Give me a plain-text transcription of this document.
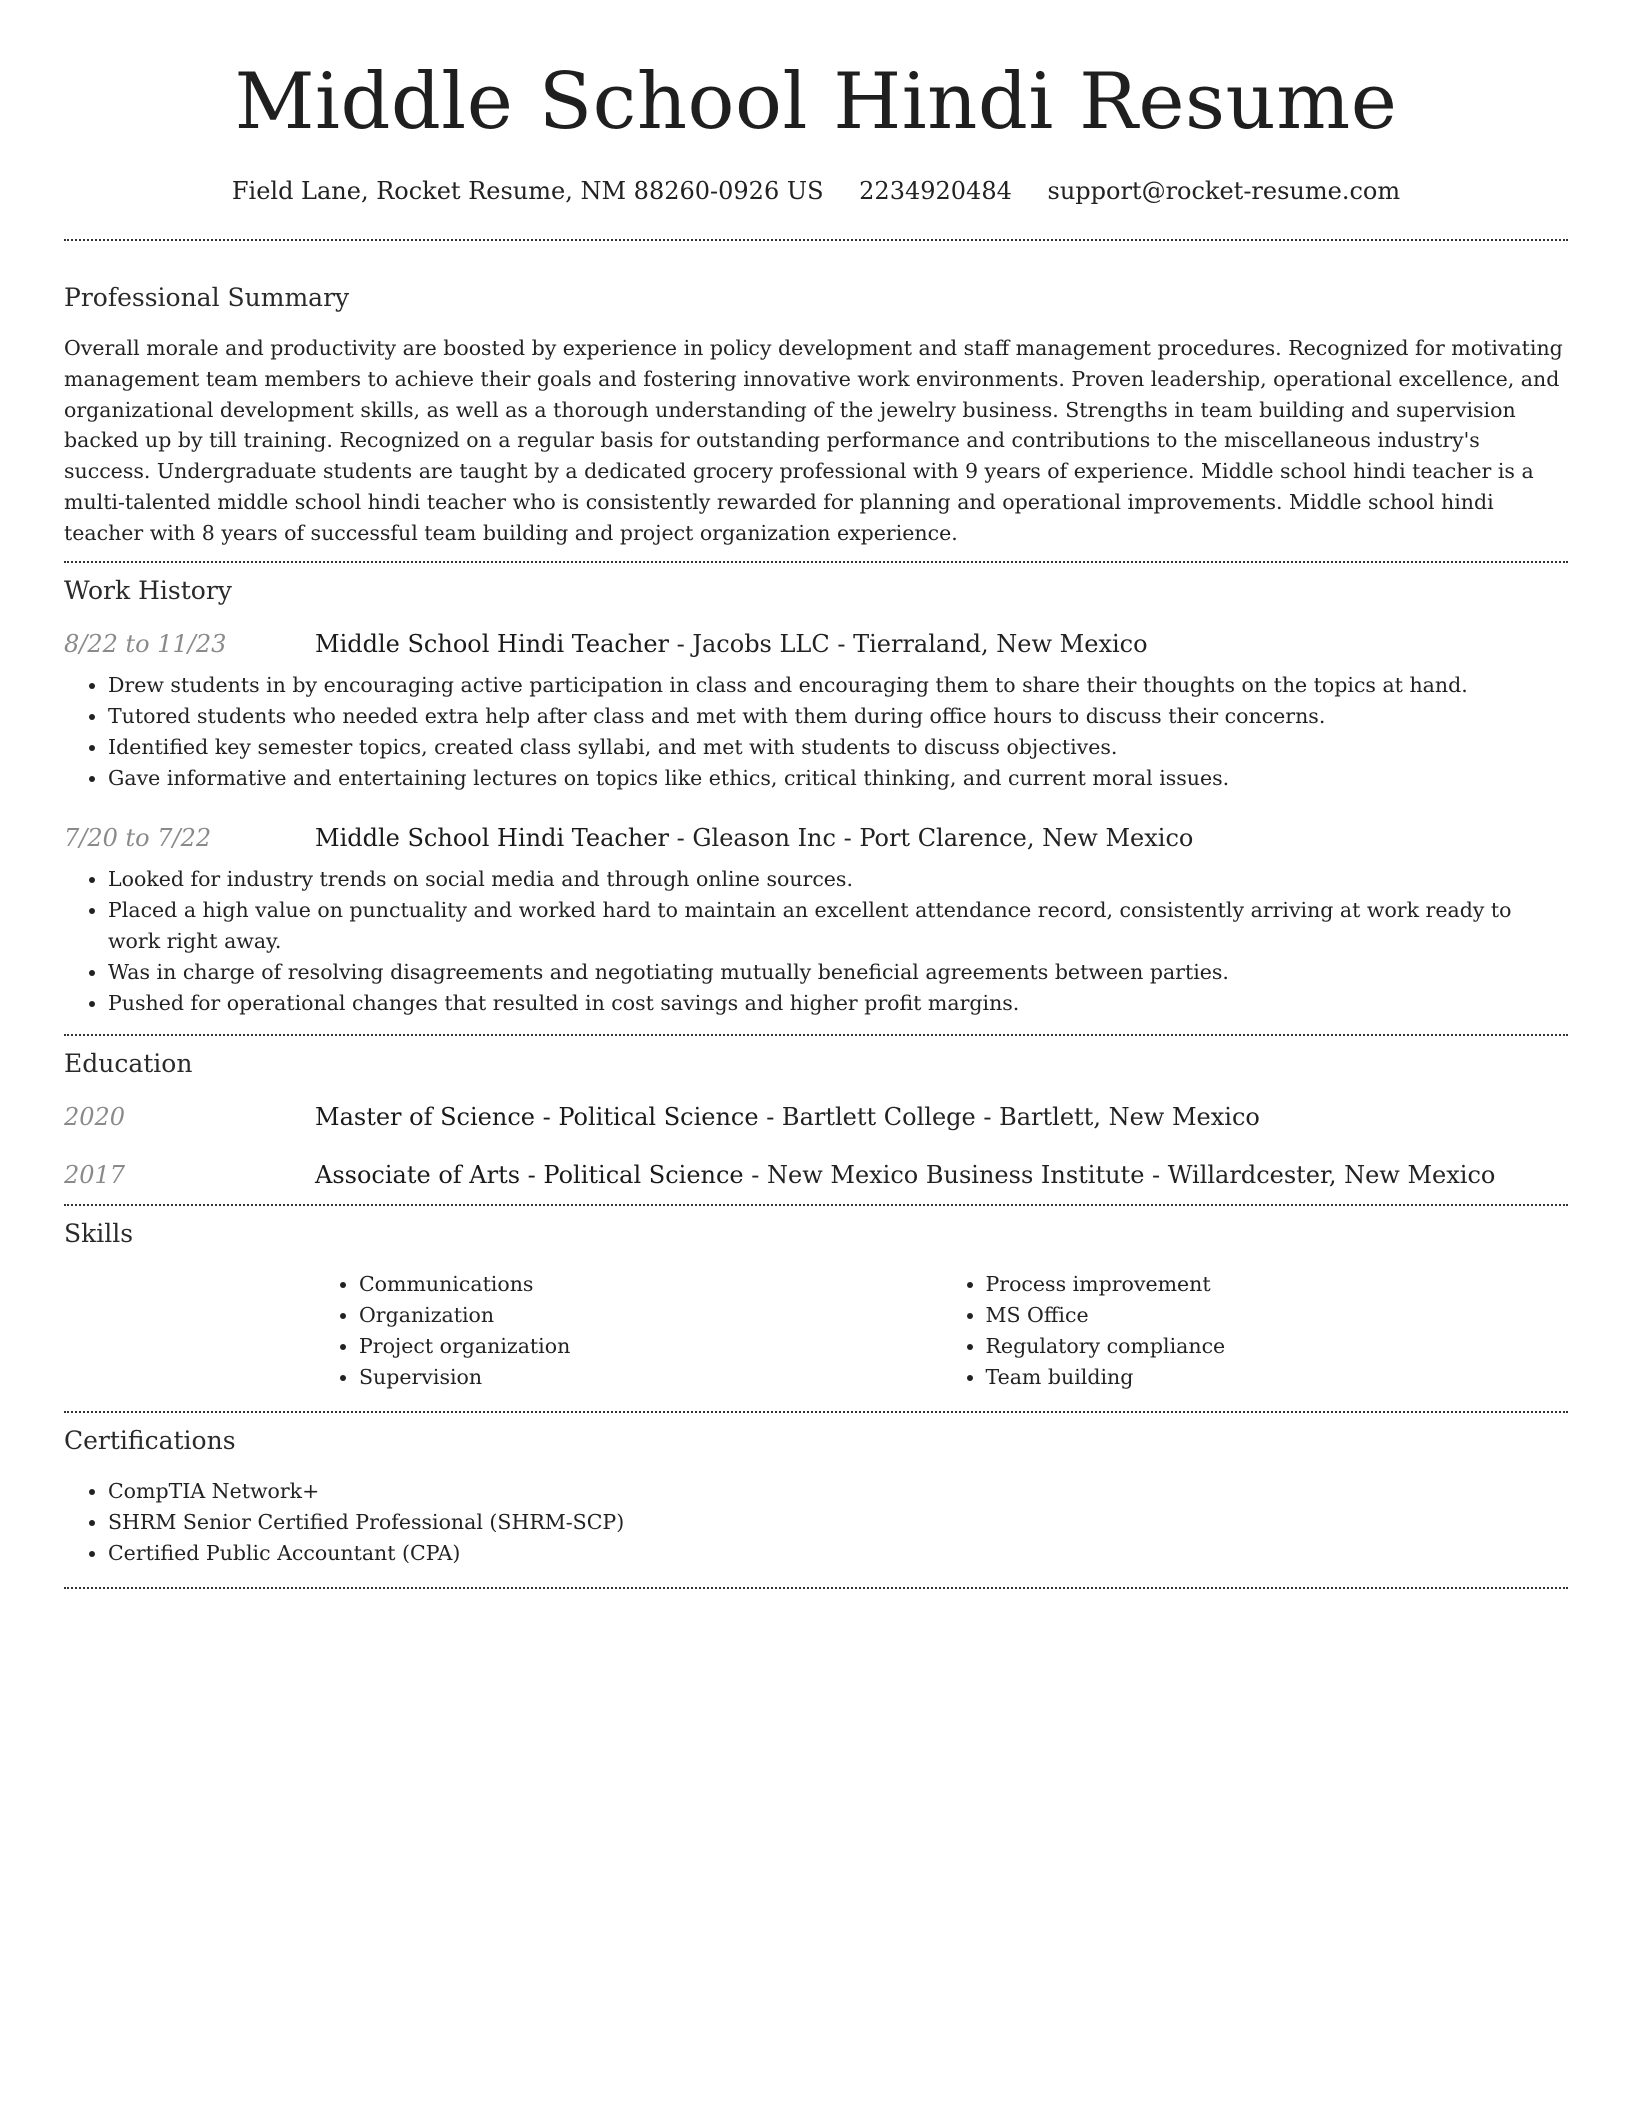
Middle School Hindi Resume
Field Lane, Rocket Resume, NM 88260-0926 US 2234920484 support@rocket-resume.com
Professional Summary

Overall morale and productivity are boosted by experience in policy development and staff management procedures. Recognized for motivating management team members to achieve their goals and fostering innovative work environments. Proven leadership, operational excellence, and organizational development skills, as well as a thorough understanding of the jewelry business. Strengths in team building and supervision backed up by till training. Recognized on a regular basis for outstanding performance and contributions to the miscellaneous industry's success. Undergraduate students are taught by a dedicated grocery professional with 9 years of experience. Middle school hindi teacher is a multi-talented middle school hindi teacher who is consistently rewarded for planning and operational improvements. Middle school hindi teacher with 8 years of successful team building and project organization experience.

Work History
8/22 to 11/23	Middle School Hindi Teacher - Jacobs LLC - Tierraland, New Mexico
• Drew students in by encouraging active participation in class and encouraging them to share their thoughts on the topics at hand.
• Tutored students who needed extra help after class and met with them during office hours to discuss their concerns.
• Identified key semester topics, created class syllabi, and met with students to discuss objectives.
• Gave informative and entertaining lectures on topics like ethics, critical thinking, and current moral issues.
7/20 to 7/22	Middle School Hindi Teacher - Gleason Inc - Port Clarence, New Mexico
• Looked for industry trends on social media and through online sources.
• Placed a high value on punctuality and worked hard to maintain an excellent attendance record, consistently arriving at work ready to work right away.
• Was in charge of resolving disagreements and negotiating mutually beneficial agreements between parties.
• Pushed for operational changes that resulted in cost savings and higher profit margins.
Education
2020	Master of Science - Political Science - Bartlett College - Bartlett, New Mexico
2017	Associate of Arts - Political Science - New Mexico Business Institute - Willardcester, New Mexico
Skills
• Communications
• Organization
• Project organization
• Supervision
• Process improvement
• MS Office
• Regulatory compliance
• Team building
Certifications
• CompTIA Network+
• SHRM Senior Certified Professional (SHRM-SCP)
• Certified Public Accountant (CPA)
